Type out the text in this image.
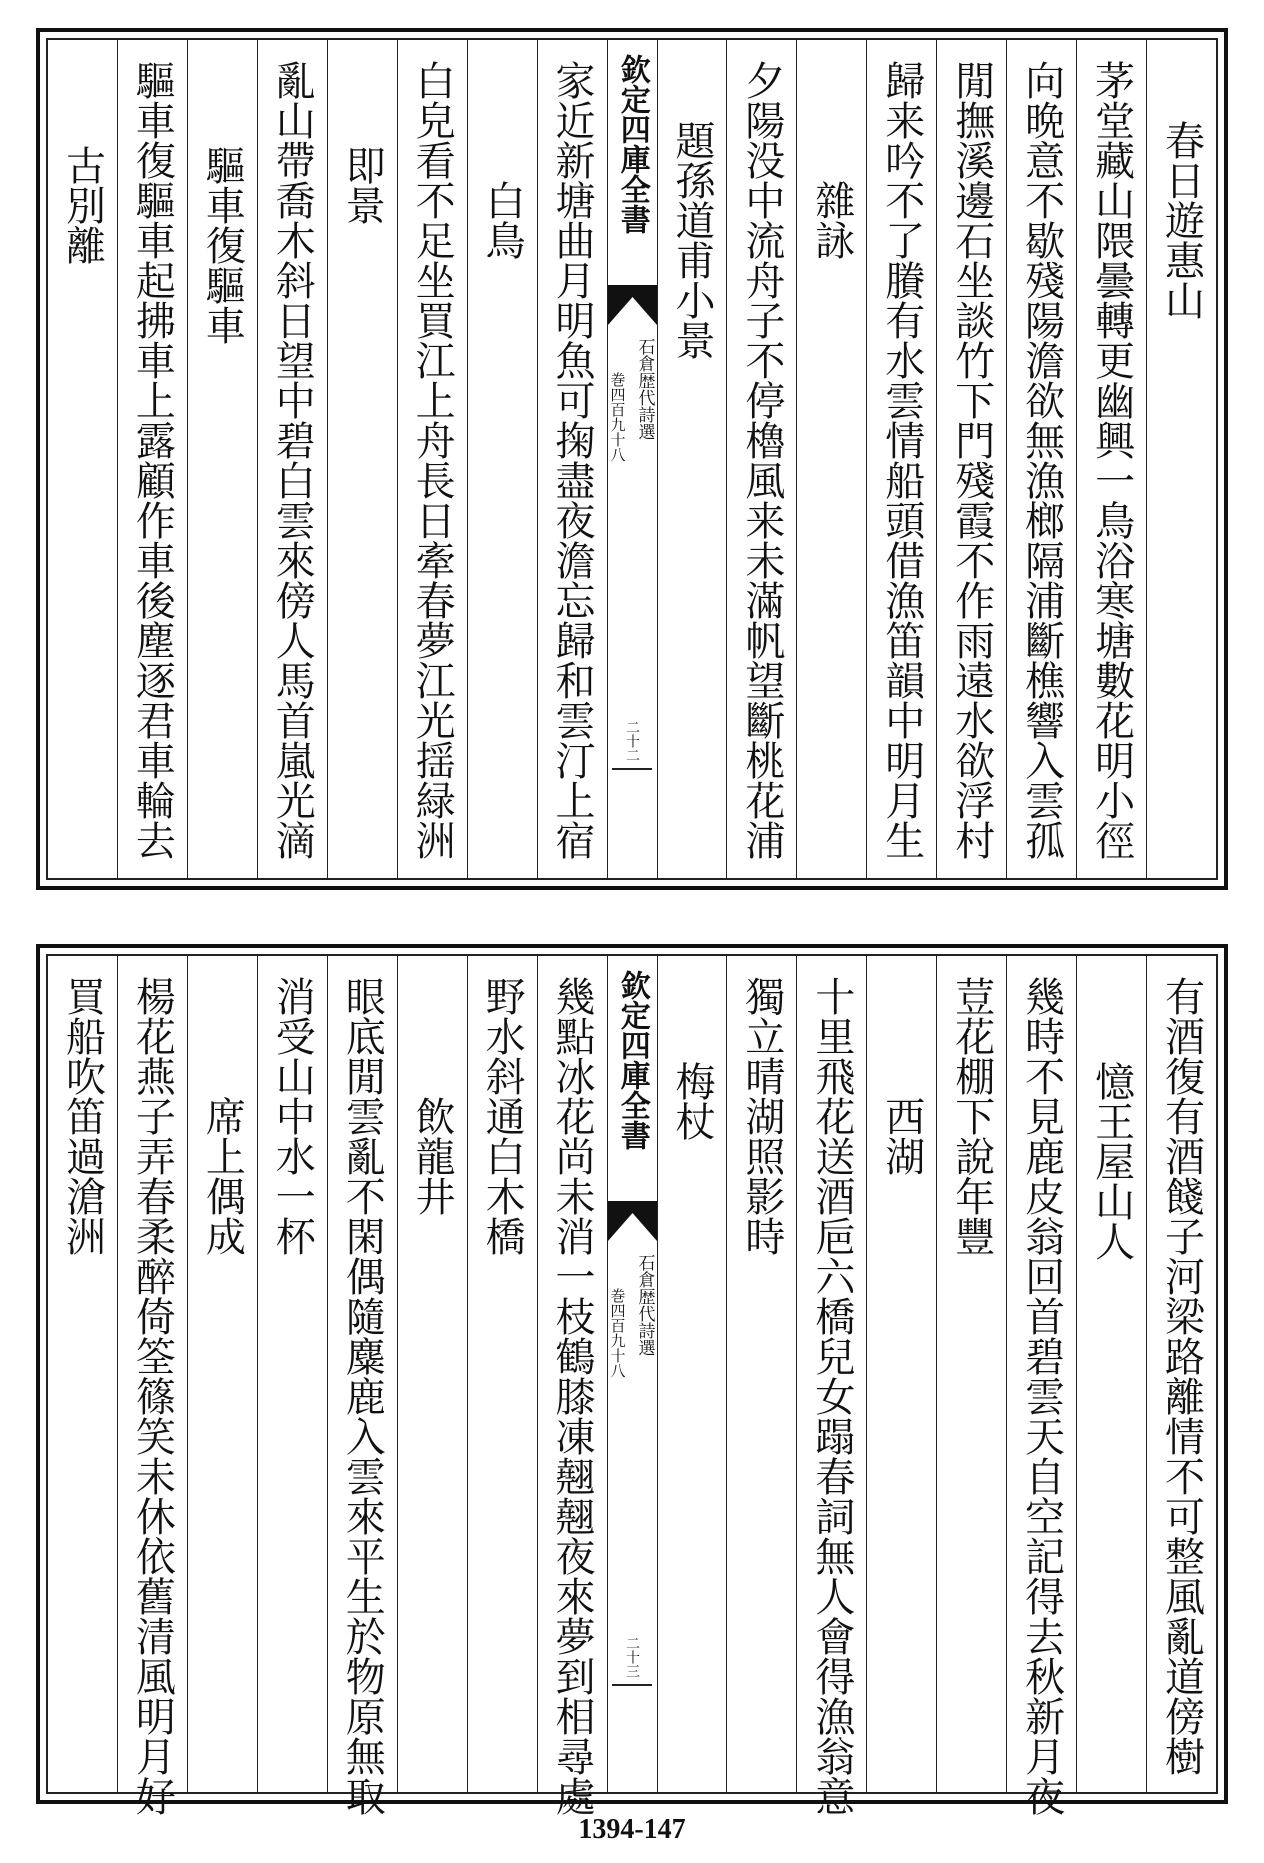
春日遊惠山
茅堂藏山隈曇轉更幽興一鳥浴寒塘數花明小徑
向晩意不歇殘陽澹欲無漁榔隔浦斷樵響入雲孤
閒撫溪邊石坐談竹下門殘霞不作雨遠水欲浮村
歸来吟不了賸有水雲情船頭借漁笛韻中明月生
雜詠
夕陽没中流舟子不停櫓風来未滿帆望斷桃花浦
題孫道甫小景
欽定四庫全書
石倉歴代詩選
巻四百九十八
二十二
家近新塘曲月明魚可掬盡夜澹忘歸和雲汀上宿
白鳥
白皃看不足坐買江上舟長日牽春夢江光揺緑洲
即景
亂山帶喬木斜日望中碧白雲來傍人馬首嵐光滴
驅車復驅車
驅車復驅車起拂車上露顧作車後塵逐君車輪去
古別離
有酒復有酒餞子河梁路離情不可整風亂道傍樹
憶王屋山人
幾時不見鹿皮翁回首碧雲天自空記得去秋新月夜
荳花棚下說年豐
西湖
十里飛花送酒巵六橋兒女蹋春詞無人會得漁翁意
獨立晴湖照影時
梅杖
欽定四庫全書
石倉歴代詩選
巻四百九十八
二十三
幾點冰花尚未消一枝鶴膝凍翹翹夜來夢到相尋處
野水斜通白木橋
飲龍井
眼底閒雲亂不閑偶隨麋鹿入雲來平生於物原無取
消受山中水一杯
席上偶成
楊花燕子弄春柔醉倚筌篠笑未休依舊清風明月好
買船吹笛過滄洲
1394-147
